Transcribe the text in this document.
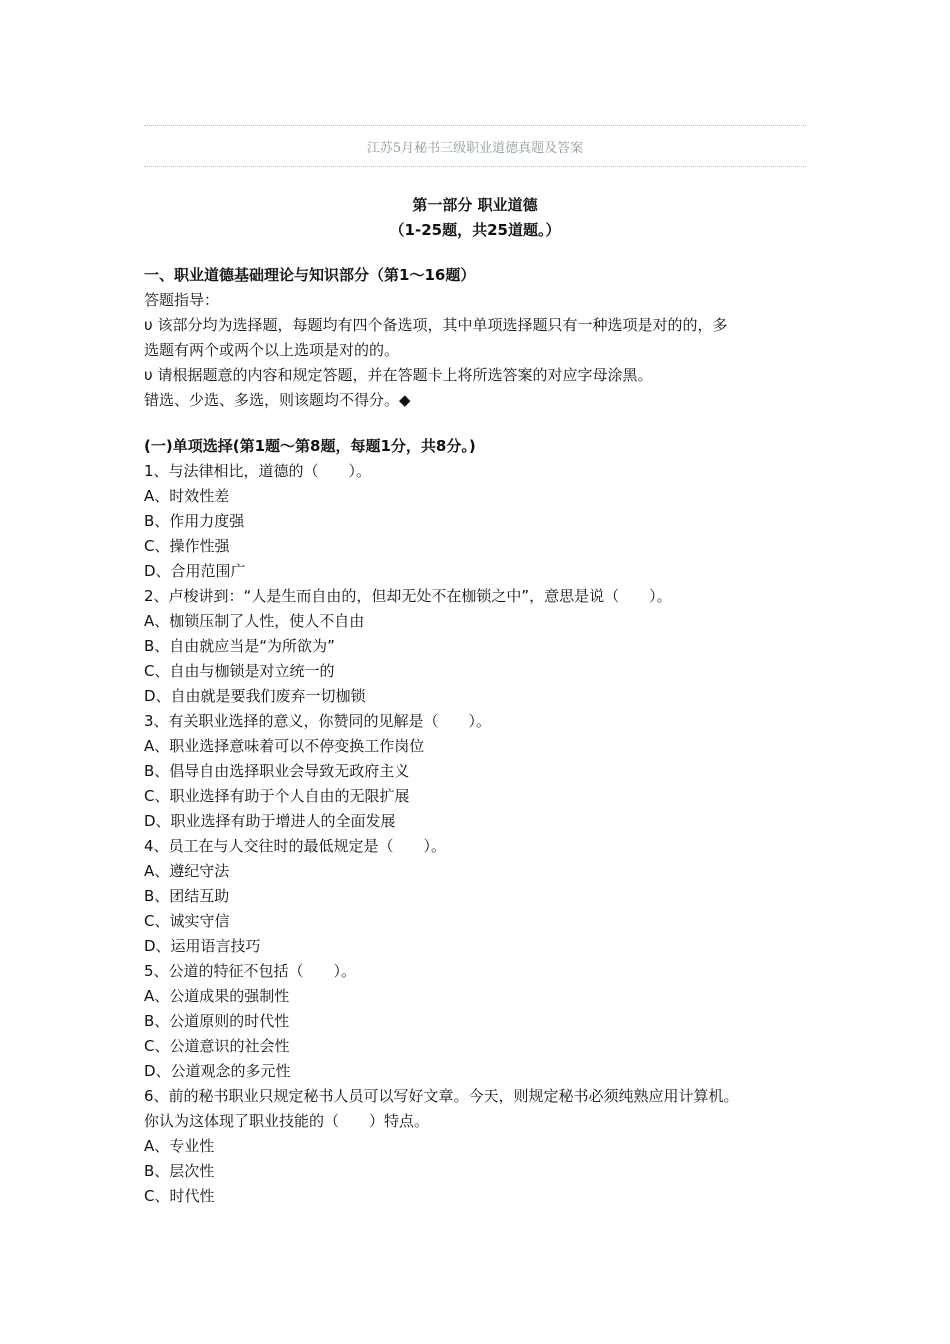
江苏5月秘书三级职业道德真题及答案
第一部分 职业道德
（1-25题，共25道题。）
一、职业道德基础理论与知识部分（第1～16题）
答题指导：
υ 该部分均为选择题，每题均有四个备选项，其中单项选择题只有一种选项是对的的，多
选题有两个或两个以上选项是对的的。
υ 请根据题意的内容和规定答题，并在答题卡上将所选答案的对应字母涂黑。
错选、少选、多选，则该题均不得分。◆
(一)单项选择(第1题～第8题，每题1分，共8分。)
1、与法律相比，道德的（　　）。
A、时效性差
B、作用力度强
C、操作性强
D、合用范围广
2、卢梭讲到：“人是生而自由的，但却无处不在枷锁之中”，意思是说（　　）。
A、枷锁压制了人性，使人不自由
B、自由就应当是“为所欲为”
C、自由与枷锁是对立统一的
D、自由就是要我们废弃一切枷锁
3、有关职业选择的意义，你赞同的见解是（　　）。
A、职业选择意味着可以不停变换工作岗位
B、倡导自由选择职业会导致无政府主义
C、职业选择有助于个人自由的无限扩展
D、职业选择有助于增进人的全面发展
4、员工在与人交往时的最低规定是（　　）。
A、遵纪守法
B、团结互助
C、诚实守信
D、运用语言技巧
5、公道的特征不包括（　　）。
A、公道成果的强制性
B、公道原则的时代性
C、公道意识的社会性
D、公道观念的多元性
6、前的秘书职业只规定秘书人员可以写好文章。今天，则规定秘书必须纯熟应用计算机。
你认为这体现了职业技能的（　　）特点。
A、专业性
B、层次性
C、时代性
